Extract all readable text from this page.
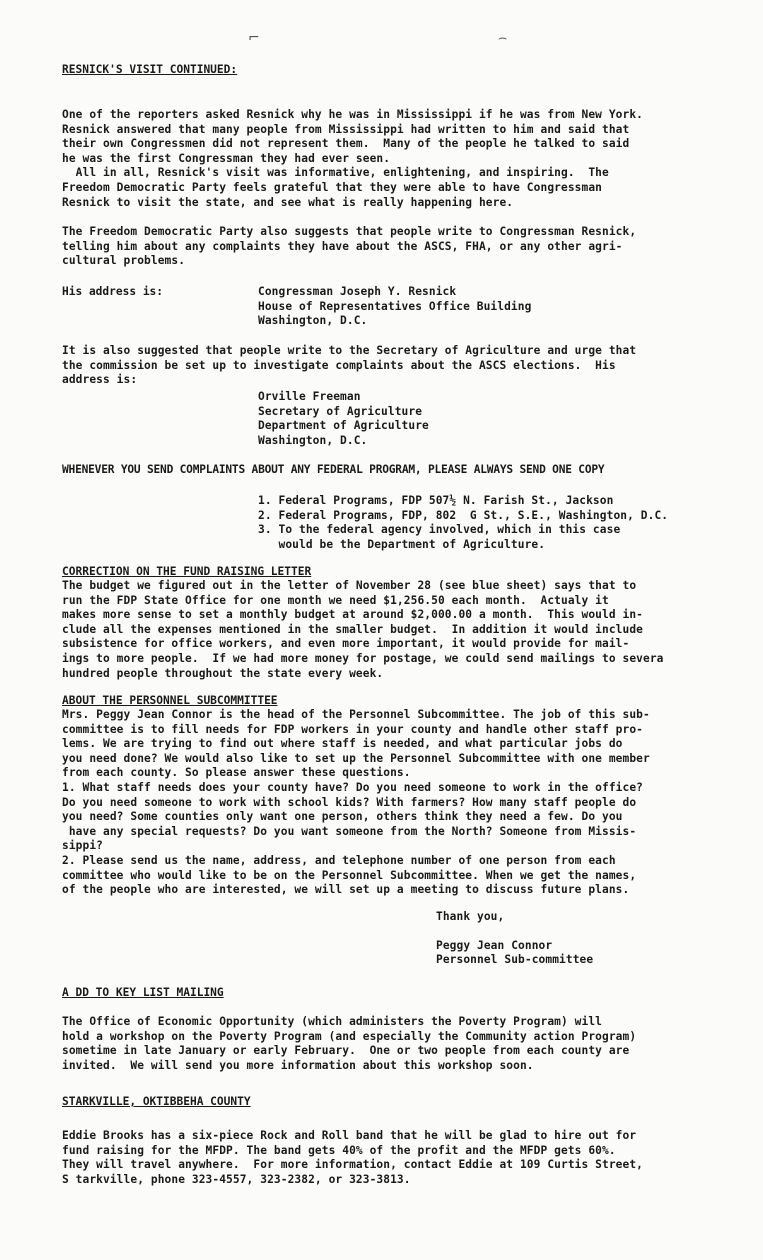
⌐	⌢

RESNICK'S VISIT CONTINUED:

One of the reporters asked Resnick why he was in Mississippi if he was from New York.

Resnick answered that many people from Mississippi had written to him and said that

their own Congressmen did not represent them.  Many of the people he talked to said

he was the first Congressman they had ever seen.

All in all, Resnick's visit was informative, enlightening, and inspiring.  The

Freedom Democratic Party feels grateful that they were able to have Congressman

Resnick to visit the state, and see what is really happening here.

The Freedom Democratic Party also suggests that people write to Congressman Resnick,

telling him about any complaints they have about the ASCS, FHA, or any other agri-

cultural problems.

His address is:	Congressman Joseph Y. Resnick

House of Representatives Office Building

Washington, D.C.

It is also suggested that people write to the Secretary of Agriculture and urge that

the commission be set up to investigate complaints about the ASCS elections.  His

address is:

Orville Freeman

Secretary of Agriculture

Department of Agriculture

Washington, D.C.

WHENEVER YOU SEND COMPLAINTS ABOUT ANY FEDERAL PROGRAM, PLEASE ALWAYS SEND ONE COPY

1. Federal Programs, FDP 507½ N. Farish St., Jackson

2. Federal Programs, FDP, 802  G St., S.E., Washington, D.C.

3. To the federal agency involved, which in this case

would be the Department of Agriculture.

CORRECTION ON THE FUND RAISING LETTER

The budget we figured out in the letter of November 28 (see blue sheet) says that to

run the FDP State Office for one month we need $1,256.50 each month.  Actualy it

makes more sense to set a monthly budget at around $2,000.00 a month.  This would in-

clude all the expenses mentioned in the smaller budget.  In addition it would include

subsistence for office workers, and even more important, it would provide for mail-

ings to more people.  If we had more money for postage, we could send mailings to severa

hundred people throughout the state every week.

ABOUT THE PERSONNEL SUBCOMMITTEE

Mrs. Peggy Jean Connor is the head of the Personnel Subcommittee. The job of this sub-

committee is to fill needs for FDP workers in your county and handle other staff pro-

lems. We are trying to find out where staff is needed, and what particular jobs do

you need done? We would also like to set up the Personnel Subcommittee with one member

from each county. So please answer these questions.

1. What staff needs does your county have? Do you need someone to work in the office?

Do you need someone to work with school kids? With farmers? How many staff people do

you need? Some counties only want one person, others think they need a few. Do you

have any special requests? Do you want someone from the North? Someone from Missis-

sippi?

2. Please send us the name, address, and telephone number of one person from each

committee who would like to be on the Personnel Subcommittee. When we get the names,

of the people who are interested, we will set up a meeting to discuss future plans.

Thank you,

Peggy Jean Connor

Personnel Sub-committee

A DD TO KEY LIST MAILING

The Office of Economic Opportunity (which administers the Poverty Program) will

hold a workshop on the Poverty Program (and especially the Community action Program)

sometime in late January or early February.  One or two people from each county are

invited.  We will send you more information about this workshop soon.

STARKVILLE, OKTIBBEHA COUNTY

Eddie Brooks has a six-piece Rock and Roll band that he will be glad to hire out for

fund raising for the MFDP. The band gets 40% of the profit and the MFDP gets 60%.

They will travel anywhere.  For more information, contact Eddie at 109 Curtis Street,

S tarkville, phone 323-4557, 323-2382, or 323-3813.
